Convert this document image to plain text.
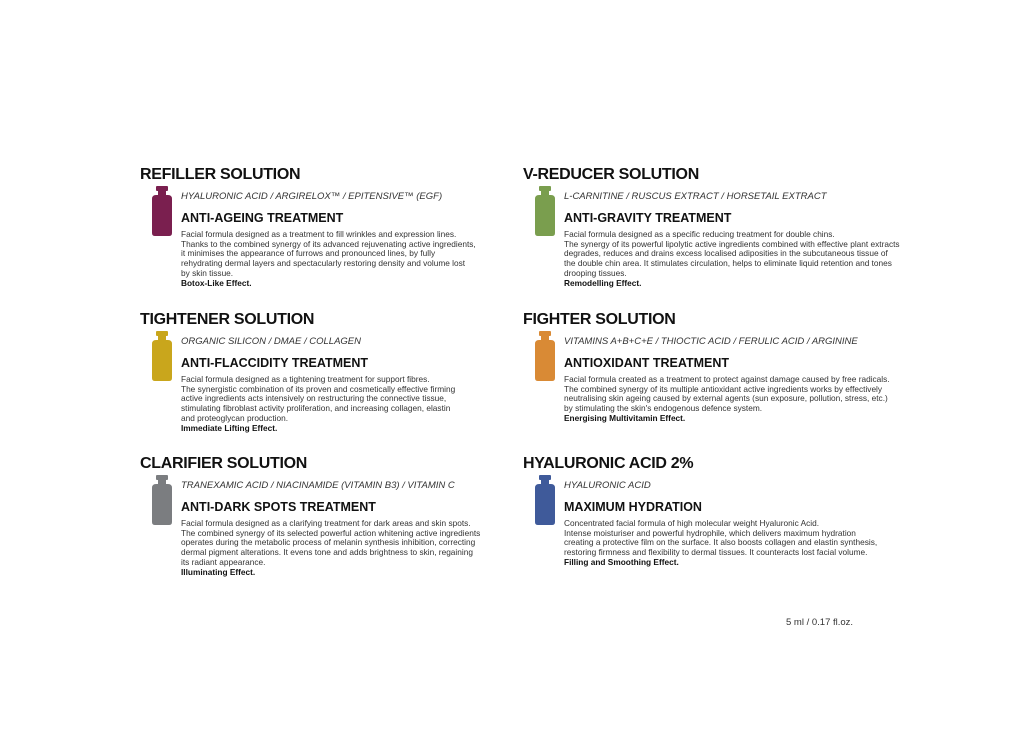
REFILLER SOLUTION
HYALURONIC ACID / ARGIRELOX™ / EPITENSIVE™ (EGF)
ANTI-AGEING TREATMENT
Facial formula designed as a treatment to fill wrinkles and expression lines.
Thanks to the combined synergy of its advanced rejuvenating active ingredients,
it minimises the appearance of furrows and pronounced lines, by fully
rehydrating dermal layers and spectacularly restoring density and volume lost
by skin tissue.
Botox-Like Effect.
V-REDUCER SOLUTION
L-CARNITINE / RUSCUS EXTRACT / HORSETAIL EXTRACT
ANTI-GRAVITY TREATMENT
Facial formula designed as a specific reducing treatment for double chins.
The synergy of its powerful lipolytic active ingredients combined with effective plant extracts
degrades, reduces and drains excess localised adiposities in the subcutaneous tissue of
the double chin area. It stimulates circulation, helps to eliminate liquid retention and tones
drooping tissues.
Remodelling Effect.
TIGHTENER SOLUTION
ORGANIC SILICON / DMAE / COLLAGEN
ANTI-FLACCIDITY TREATMENT
Facial formula designed as a tightening treatment for support fibres.
The synergistic combination of its proven and cosmetically effective firming
active ingredients acts intensively on restructuring the connective tissue,
stimulating fibroblast activity proliferation, and increasing collagen, elastin
and proteoglycan production.
Immediate Lifting Effect.
FIGHTER SOLUTION
VITAMINS A+B+C+E / THIOCTIC ACID / FERULIC ACID / ARGININE
ANTIOXIDANT TREATMENT
Facial formula created as a treatment to protect against damage caused by free radicals.
The combined synergy of its multiple antioxidant active ingredients works by effectively
neutralising skin ageing caused by external agents (sun exposure, pollution, stress, etc.)
by stimulating the skin's endogenous defence system.
Energising Multivitamin Effect.
CLARIFIER SOLUTION
TRANEXAMIC ACID / NIACINAMIDE (VITAMIN B3) / VITAMIN C
ANTI-DARK SPOTS TREATMENT
Facial formula designed as a clarifying treatment for dark areas and skin spots.
The combined synergy of its selected powerful action whitening active ingredients
operates during the metabolic process of melanin synthesis inhibition, correcting
dermal pigment alterations. It evens tone and adds brightness to skin, regaining
its radiant appearance.
Illuminating Effect.
HYALURONIC ACID 2%
HYALURONIC ACID
MAXIMUM HYDRATION
Concentrated facial formula of high molecular weight Hyaluronic Acid.
Intense moisturiser and powerful hydrophile, which delivers maximum hydration
creating a protective film on the surface. It also boosts collagen and elastin synthesis,
restoring firmness and flexibility to dermal tissues. It counteracts lost facial volume.
Filling and Smoothing Effect.
5 ml / 0.17 fl.oz.
